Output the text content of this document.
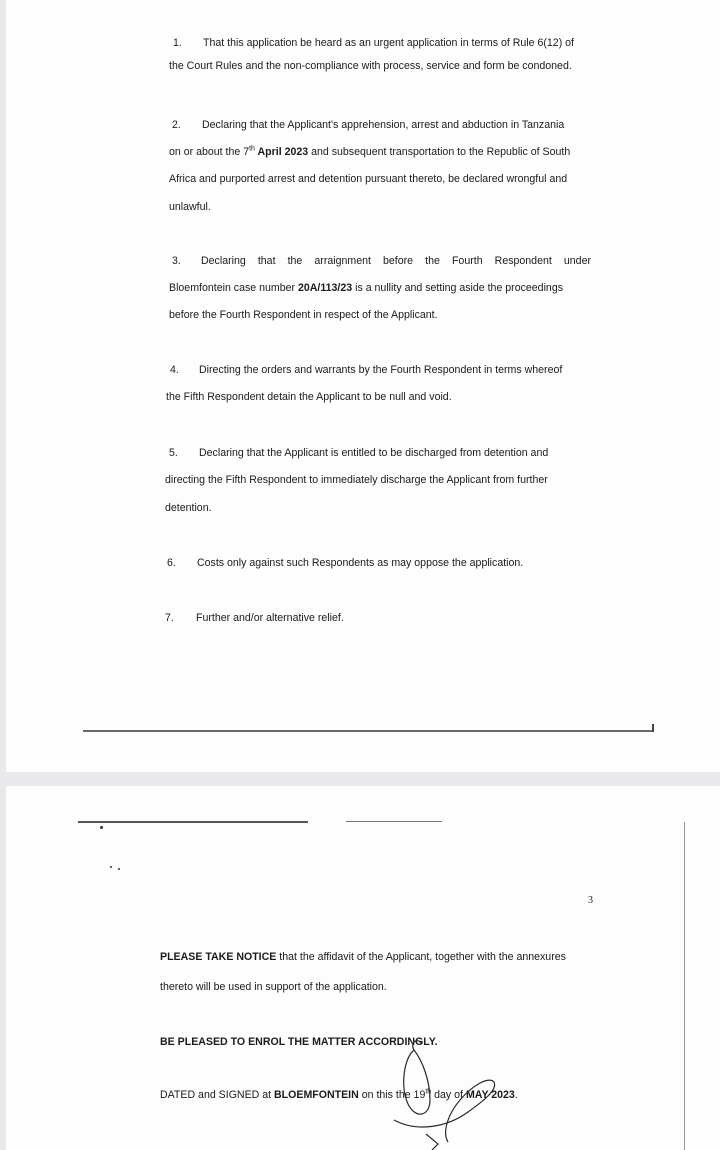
1. That this application be heard as an urgent application in terms of Rule 6(12) of
the Court Rules and the non-compliance with process, service and form be condoned.
2. Declaring that the Applicant's apprehension, arrest and abduction in Tanzania
on or about the 7th April 2023 and subsequent transportation to the Republic of South
Africa and purported arrest and detention pursuant thereto, be declared wrongful and
unlawful.
3. Declaring that the arraignment before the Fourth Respondent under
Bloemfontein case number 20A/113/23 is a nullity and setting aside the proceedings
before the Fourth Respondent in respect of the Applicant.
4. Directing the orders and warrants by the Fourth Respondent in terms whereof
the Fifth Respondent detain the Applicant to be null and void.
5. Declaring that the Applicant is entitled to be discharged from detention and
directing the Fifth Respondent to immediately discharge the Applicant from further
detention.
6. Costs only against such Respondents as may oppose the application.
7. Further and/or alternative relief.
3
PLEASE TAKE NOTICE that the affidavit of the Applicant, together with the annexures
thereto will be used in support of the application.
BE PLEASED TO ENROL THE MATTER ACCORDINGLY.
DATED and SIGNED at BLOEMFONTEIN on this the 19th day of MAY 2023.
